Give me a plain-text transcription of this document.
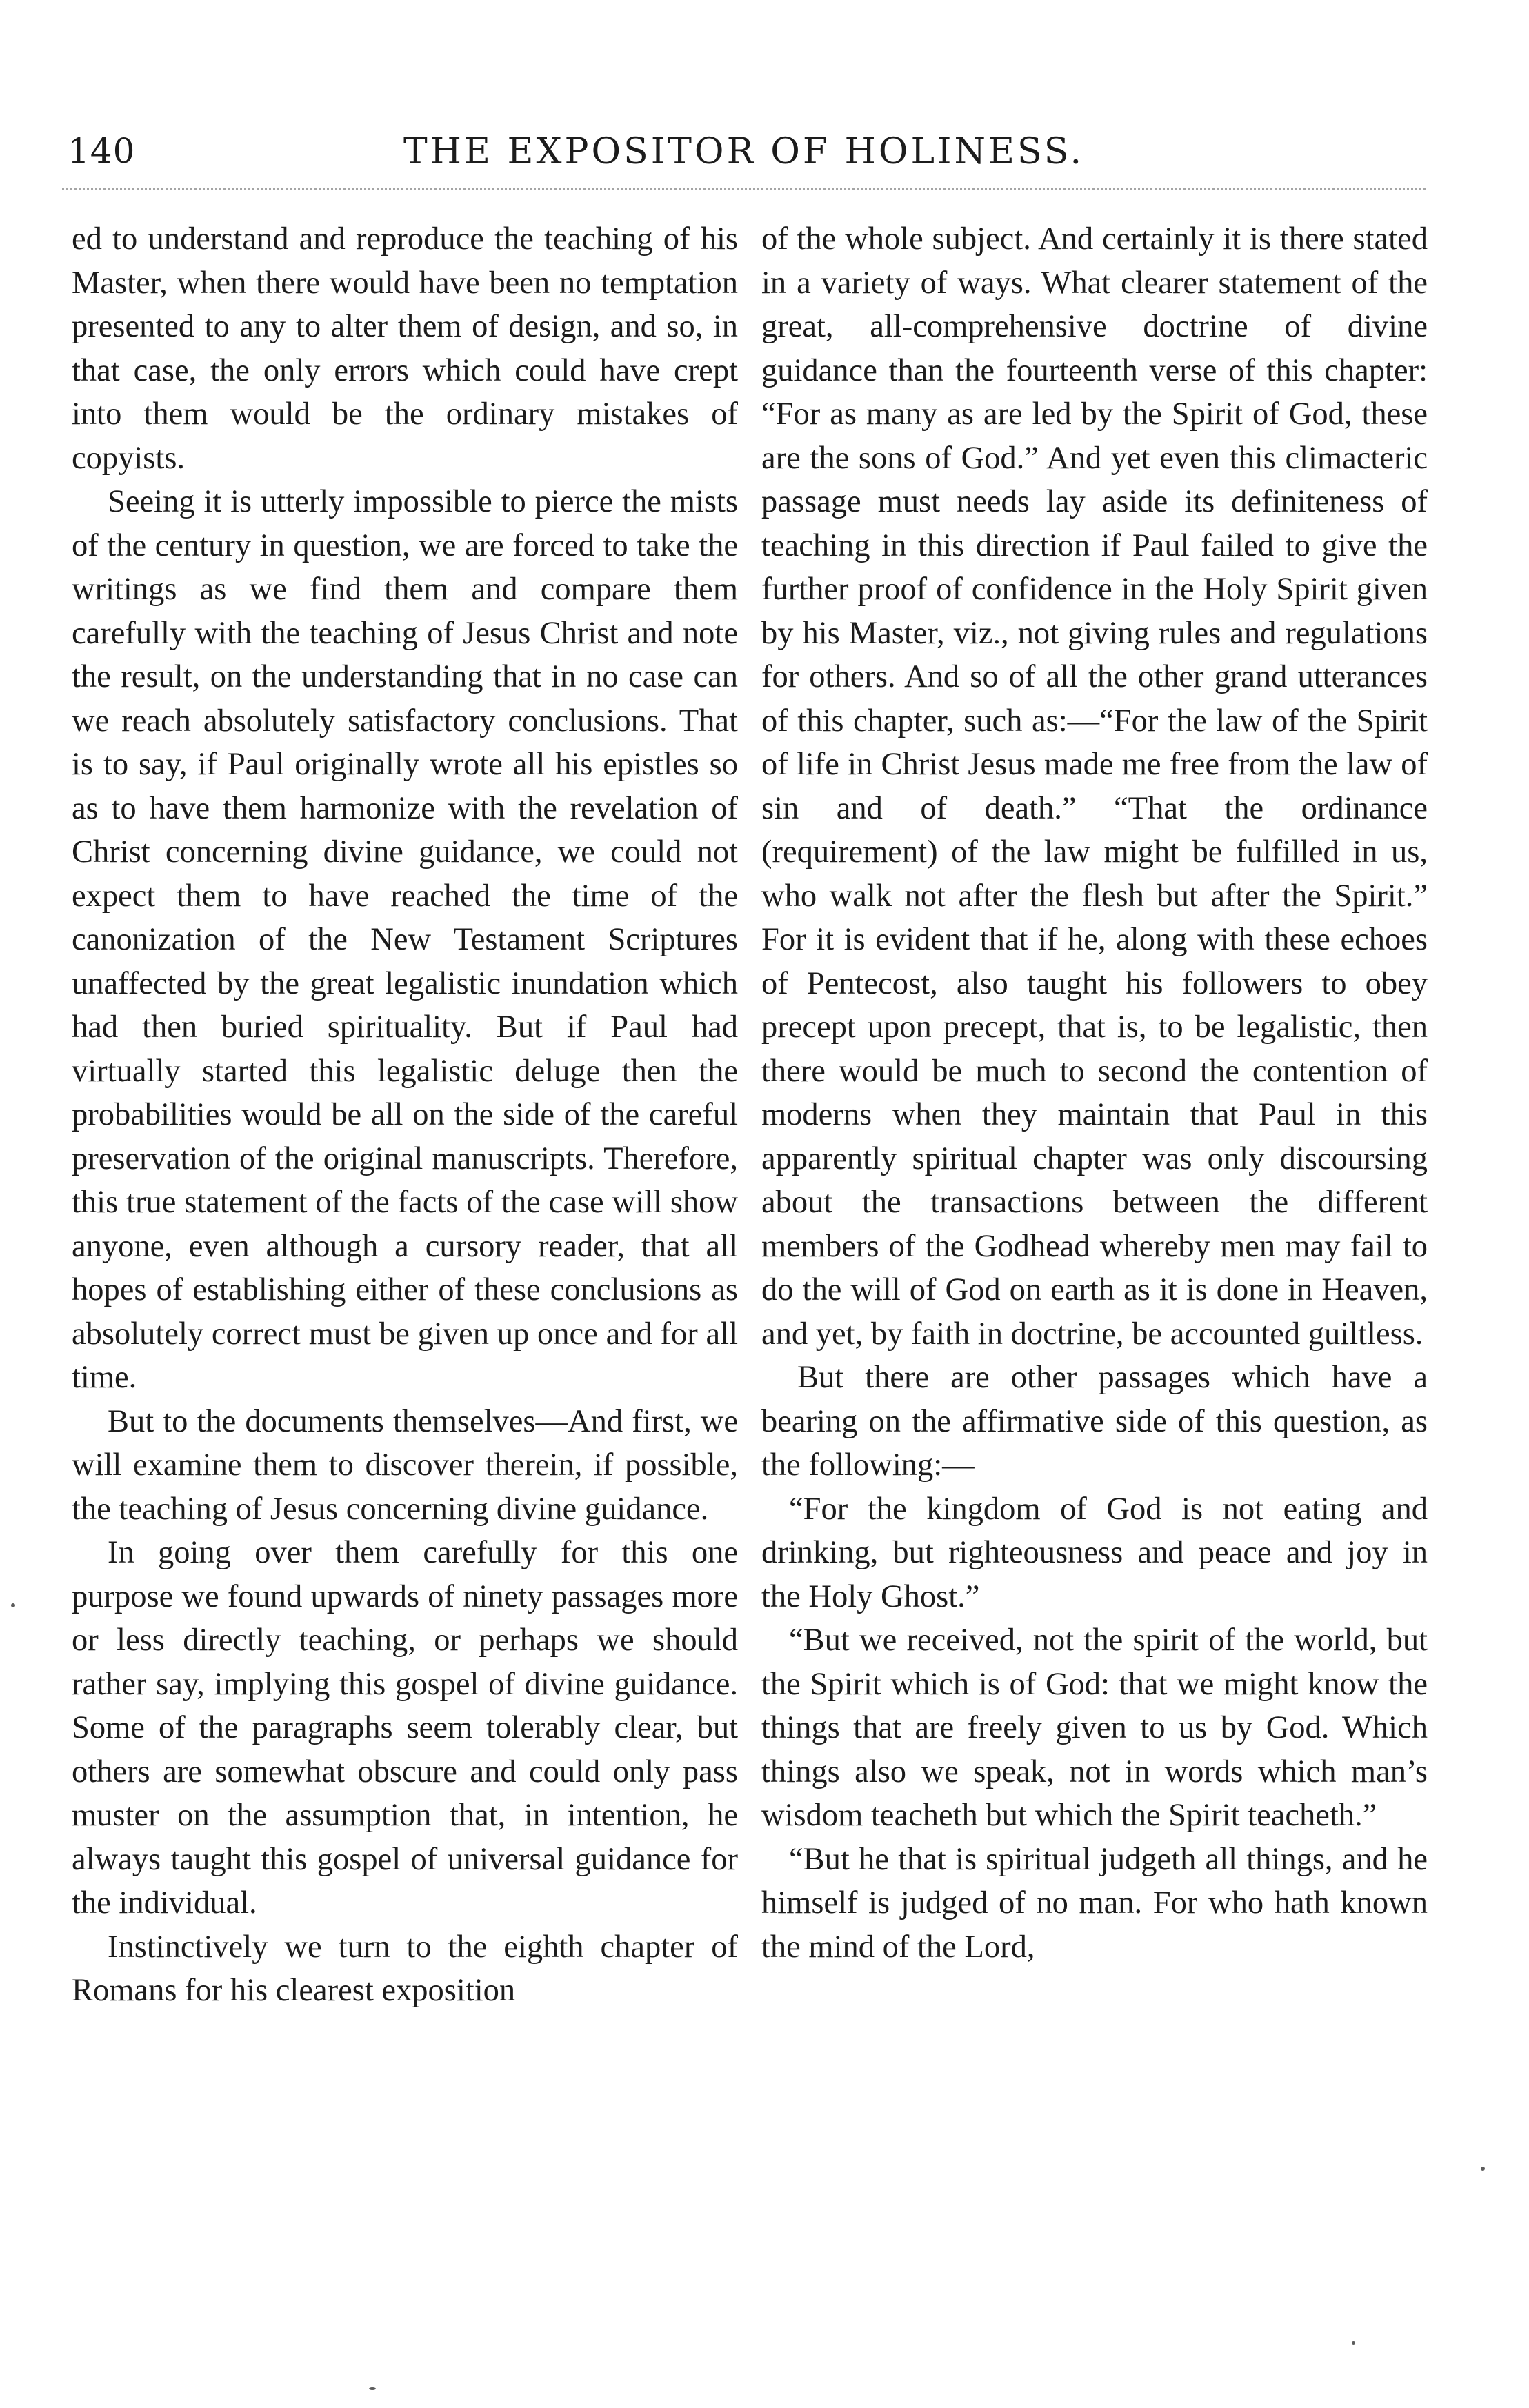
140	THE EXPOSITOR OF HOLINESS.

ed to understand and reproduce the teaching of his Master, when there would have been no temptation presented to any to alter them of design, and so, in that case, the only errors which could have crept into them would be the ordinary mistakes of copyists.

Seeing it is utterly impossible to pierce the mists of the century in question, we are forced to take the writings as we find them and compare them carefully with the teaching of Jesus Christ and note the result, on the understanding that in no case can we reach absolutely satisfactory conclusions. That is to say, if Paul originally wrote all his epistles so as to have them harmonize with the revelation of Christ concerning divine guidance, we could not expect them to have reached the time of the canonization of the New Testament Scriptures unaffected by the great legalistic inundation which had then buried spirituality. But if Paul had virtually started this legalistic deluge then the probabilities would be all on the side of the careful preservation of the original manuscripts. Therefore, this true statement of the facts of the case will show anyone, even although a cursory reader, that all hopes of establishing either of these conclusions as absolutely correct must be given up once and for all time.

But to the documents themselves—And first, we will examine them to discover therein, if possible, the teaching of Jesus concerning divine guidance.

In going over them carefully for this one purpose we found upwards of ninety passages more or less directly teaching, or perhaps we should rather say, implying this gospel of divine guidance. Some of the paragraphs seem tolerably clear, but others are somewhat obscure and could only pass muster on the assumption that, in intention, he always taught this gospel of universal guidance for the individual.

Instinctively we turn to the eighth chapter of Romans for his clearest exposition

of the whole subject. And certainly it is there stated in a variety of ways. What clearer statement of the great, all-comprehensive doctrine of divine guidance than the fourteenth verse of this chapter: “For as many as are led by the Spirit of God, these are the sons of God.” And yet even this climacteric passage must needs lay aside its definiteness of teaching in this direction if Paul failed to give the further proof of confidence in the Holy Spirit given by his Master, viz., not giving rules and regulations for others. And so of all the other grand utterances of this chapter, such as:—“For the law of the Spirit of life in Christ Jesus made me free from the law of sin and of death.” “That the ordinance (requirement) of the law might be fulfilled in us, who walk not after the flesh but after the Spirit.” For it is evident that if he, along with these echoes of Pentecost, also taught his followers to obey precept upon precept, that is, to be legalistic, then there would be much to second the contention of moderns when they maintain that Paul in this apparently spiritual chapter was only discoursing about the transactions between the different members of the Godhead whereby men may fail to do the will of God on earth as it is done in Heaven, and yet, by faith in doctrine, be accounted guiltless.

But there are other passages which have a bearing on the affirmative side of this question, as the following:—

“For the kingdom of God is not eating and drinking, but righteousness and peace and joy in the Holy Ghost.”

“But we received, not the spirit of the world, but the Spirit which is of God: that we might know the things that are freely given to us by God. Which things also we speak, not in words which man’s wisdom teacheth but which the Spirit teacheth.”

“But he that is spiritual judgeth all things, and he himself is judged of no man. For who hath known the mind of the Lord,
